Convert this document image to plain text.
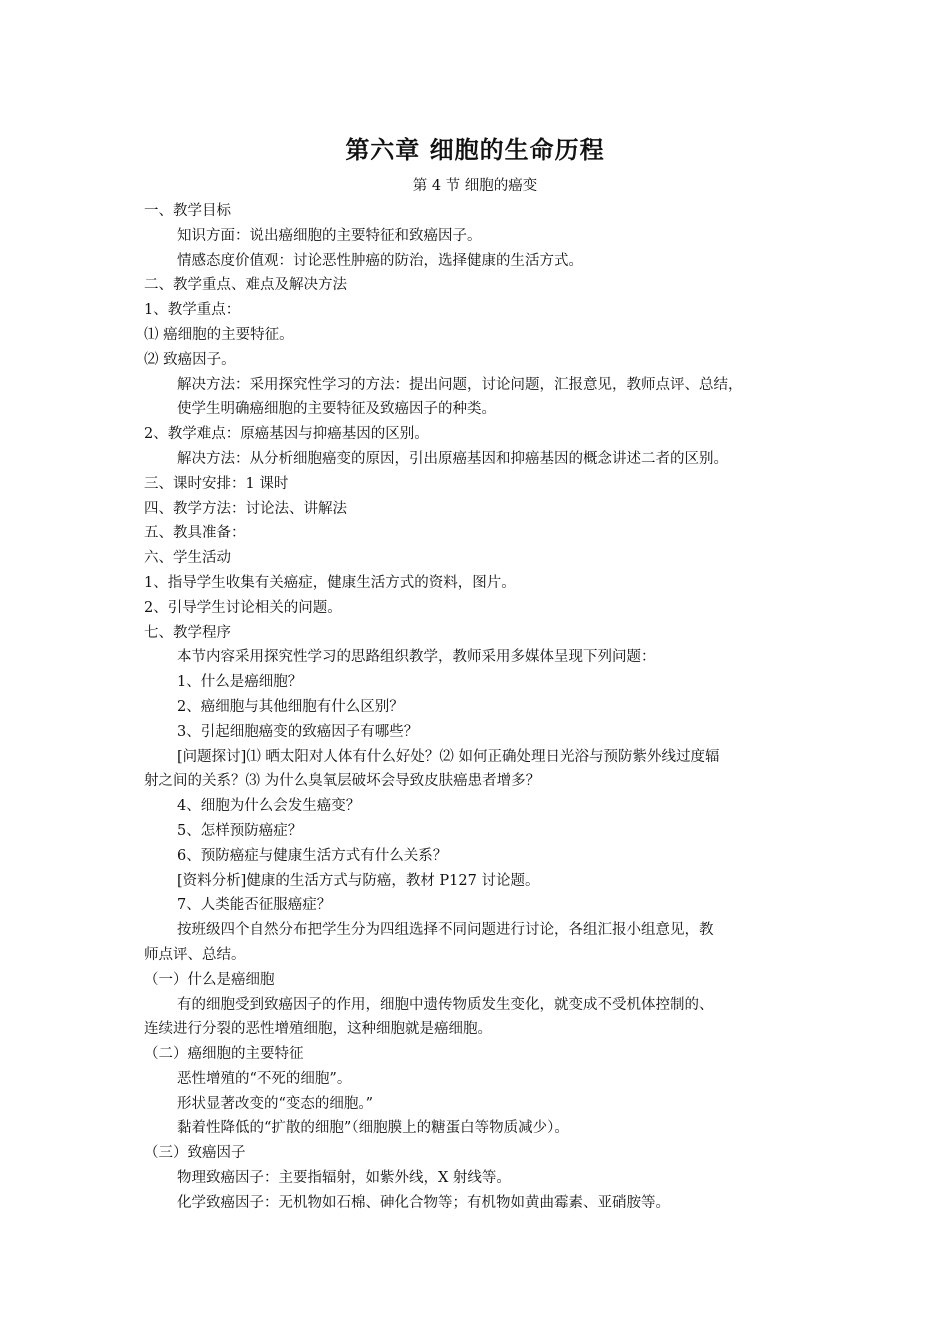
第六章 细胞的生命历程
第 4 节 细胞的癌变
一、教学目标
知识方面：说出癌细胞的主要特征和致癌因子。
情感态度价值观：讨论恶性肿癌的防治，选择健康的生活方式。
二、教学重点、难点及解决方法
1、教学重点：
⑴ 癌细胞的主要特征。
⑵ 致癌因子。
解决方法：采用探究性学习的方法：提出问题，讨论问题，汇报意见，教师点评、总结，
使学生明确癌细胞的主要特征及致癌因子的种类。
2、教学难点：原癌基因与抑癌基因的区别。
解决方法：从分析细胞癌变的原因，引出原癌基因和抑癌基因的概念讲述二者的区别。
三、课时安排：1 课时
四、教学方法：讨论法、讲解法
五、教具准备：
六、学生活动
1、指导学生收集有关癌症，健康生活方式的资料，图片。
2、引导学生讨论相关的问题。
七、教学程序
本节内容采用探究性学习的思路组织教学，教师采用多媒体呈现下列问题：
1、什么是癌细胞？
2、癌细胞与其他细胞有什么区别？
3、引起细胞癌变的致癌因子有哪些？
[问题探讨]⑴ 晒太阳对人体有什么好处？⑵ 如何正确处理日光浴与预防紫外线过度辐
射之间的关系？⑶ 为什么臭氧层破坏会导致皮肤癌患者增多？
4、细胞为什么会发生癌变？
5、怎样预防癌症？
6、预防癌症与健康生活方式有什么关系？
[资料分析]健康的生活方式与防癌，教材 P127 讨论题。
7、人类能否征服癌症？
按班级四个自然分布把学生分为四组选择不同问题进行讨论，各组汇报小组意见，教
师点评、总结。
（一）什么是癌细胞
有的细胞受到致癌因子的作用，细胞中遗传物质发生变化，就变成不受机体控制的、
连续进行分裂的恶性增殖细胞，这种细胞就是癌细胞。
（二）癌细胞的主要特征
恶性增殖的“不死的细胞”。
形状显著改变的“变态的细胞。”
黏着性降低的“扩散的细胞”（细胞膜上的糖蛋白等物质减少）。
（三）致癌因子
物理致癌因子：主要指辐射，如紫外线，X 射线等。
化学致癌因子：无机物如石棉、砷化合物等；有机物如黄曲霉素、亚硝胺等。
